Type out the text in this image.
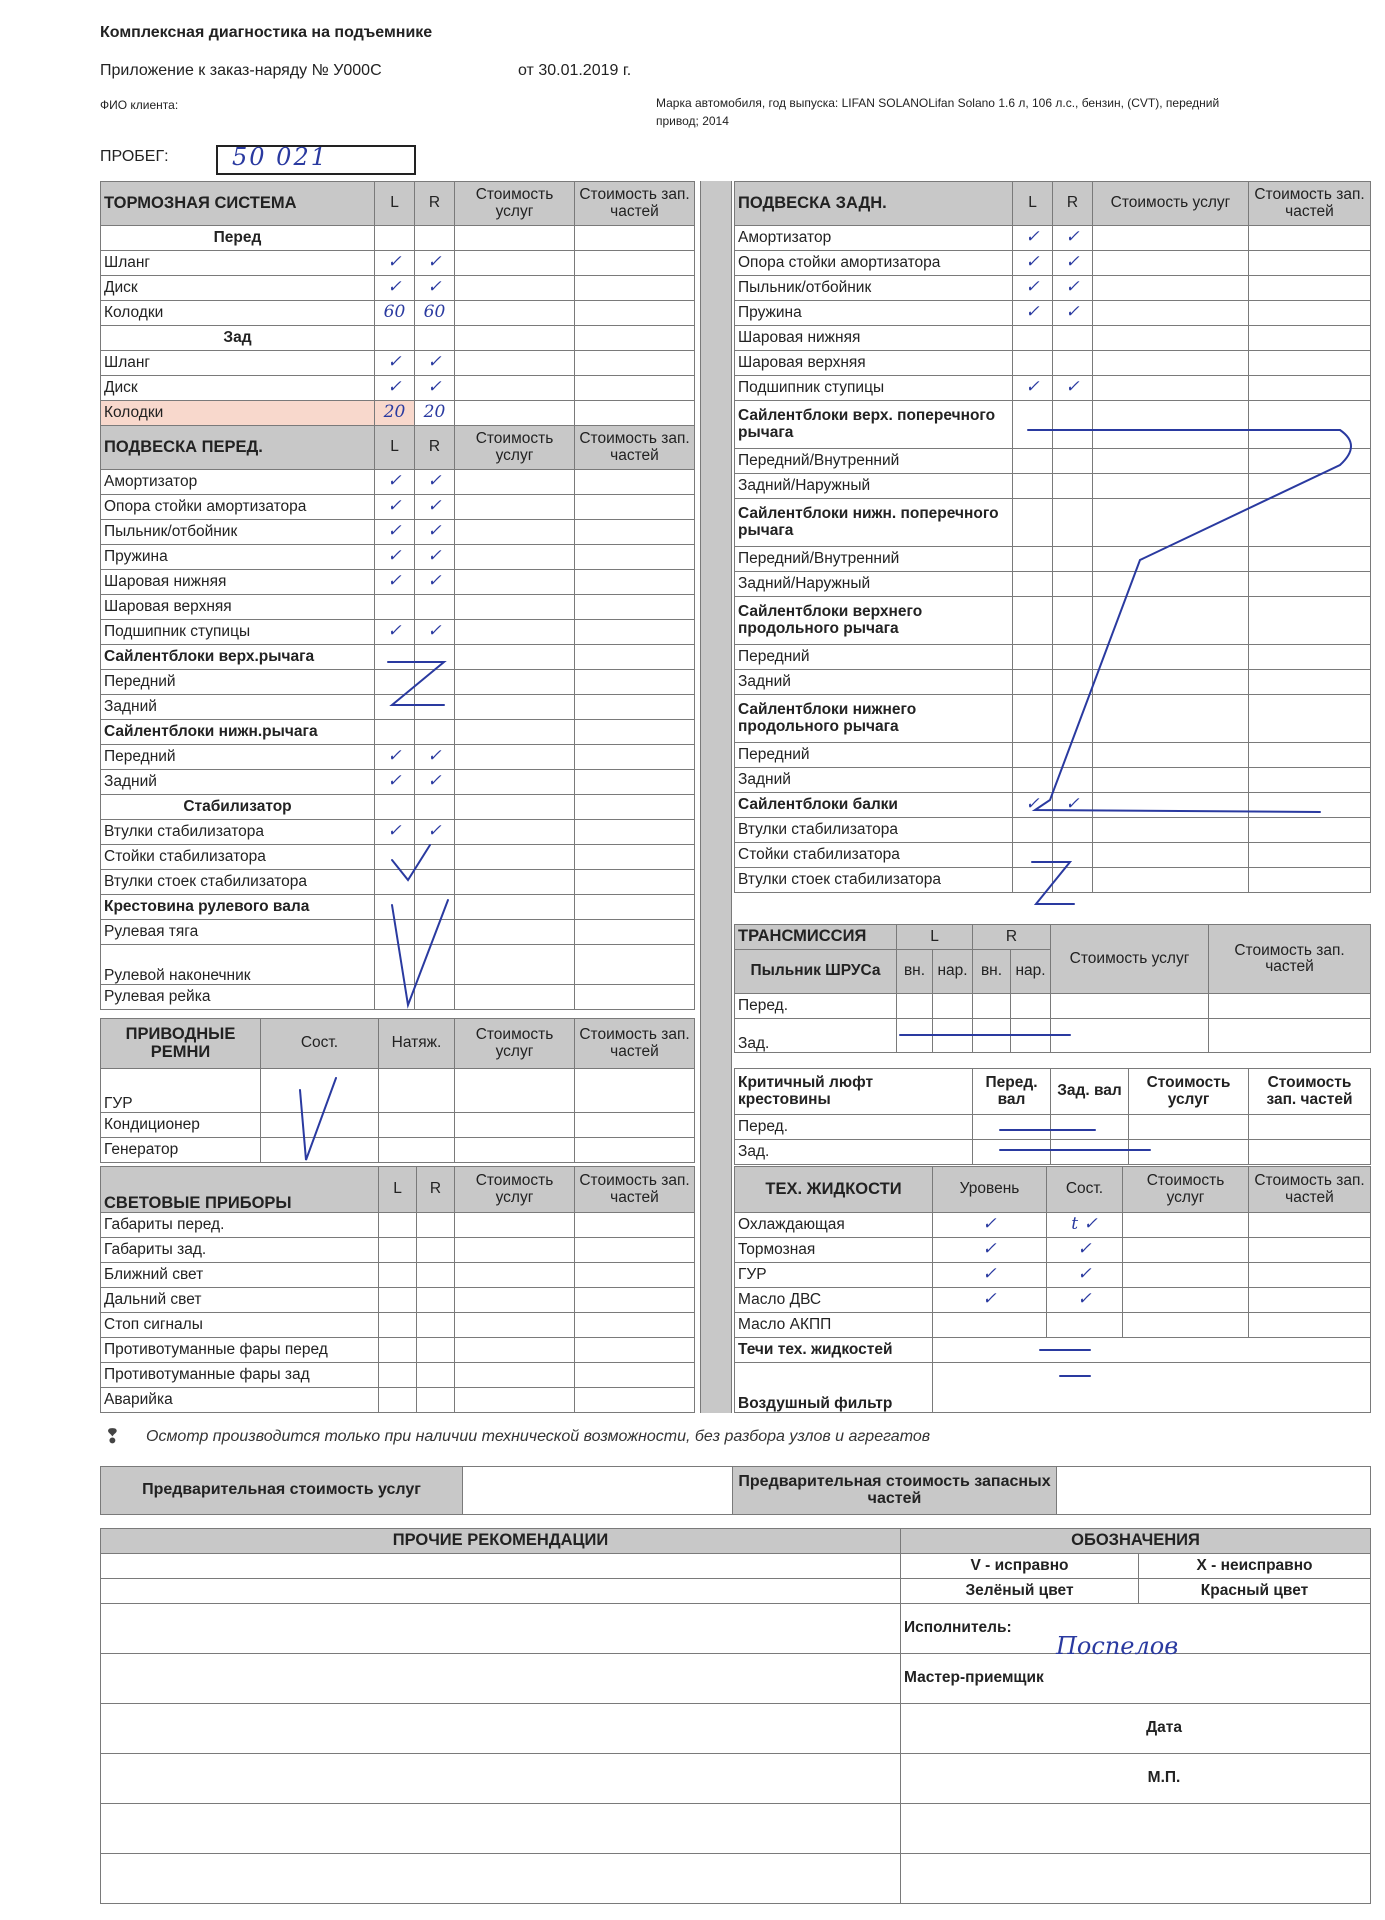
Комплексная диагностика на подъемнике
Приложение к заказ-наряду № У000С	от 30.01.2019 г.
ФИО клиента:	Марка автомобиля, год выпуска: LIFAN SOLANOLifan Solano 1.6 л, 106 л.с., бензин, (CVT), передний
привод; 2014
ПРОБЕГ:	50 021
ТОРМОЗНАЯ СИСТЕМА	L	R	Стоимость услуг	Стоимость зап. частей
Перед				
Шланг	✓	✓		
Диск	✓	✓		
Колодки	60	60		
Зад				
Шланг	✓	✓		
Диск	✓	✓		
Колодки	20	20		
ПОДВЕСКА ПЕРЕД.	L	R	Стоимость услуг	Стоимость зап. частей
Амортизатор	✓	✓		
Опора стойки амортизатора	✓	✓		
Пыльник/отбойник	✓	✓		
Пружина	✓	✓		
Шаровая нижняя	✓	✓		
Шаровая верхняя				
Подшипник ступицы	✓	✓		
Сайлентблоки верх.рычага				
Передний				
Задний				
Сайлентблоки нижн.рычага				
Передний	✓	✓		
Задний	✓	✓		
Стабилизатор				
Втулки стабилизатора	✓	✓		
Стойки стабилизатора				
Втулки стоек стабилизатора				
Крестовина рулевого вала				
Рулевая тяга				
Рулевой наконечник				
Рулевая рейка				
ПРИВОДНЫЕ РЕМНИ	Сост.	Натяж.	Стоимость услуг	Стоимость зап. частей
ГУР				
Кондиционер				
Генератор				
СВЕТОВЫЕ ПРИБОРЫ	L	R	Стоимость услуг	Стоимость зап. частей
Габариты перед.				
Габариты зад.				
Ближний свет				
Дальний свет				
Стоп сигналы				
Противотуманные фары перед				
Противотуманные фары зад				
Аварийка				
ПОДВЕСКА ЗАДН.	L	R	Стоимость услуг	Стоимость зап. частей
Амортизатор	✓	✓		
Опора стойки амортизатора	✓	✓		
Пыльник/отбойник	✓	✓		
Пружина	✓	✓		
Шаровая нижняя				
Шаровая верхняя				
Подшипник ступицы	✓	✓		
Сайлентблоки верх. поперечного рычага				
Передний/Внутренний				
Задний/Наружный				
Сайлентблоки нижн. поперечного рычага				
Передний/Внутренний				
Задний/Наружный				
Сайлентблоки верхнего продольного рычага				
Передний				
Задний				
Сайлентблоки нижнего продольного рычага				
Передний				
Задний				
Сайлентблоки балки	✓	✓		
Втулки стабилизатора				
Стойки стабилизатора				
Втулки стоек стабилизатора				
ТРАНСМИССИЯ	L		R		Стоимость услуг	Стоимость зап. частей
Пыльник ШРУСа	вн.	нар.	вн.	нар.		
Перед.						
Зад.						
Критичный люфт крестовины	Перед. вал	Зад. вал	Стоимость услуг	Стоимость зап. частей
Перед.				
Зад.				
ТЕХ. ЖИДКОСТИ	Уровень	Сост.	Стоимость услуг	Стоимость зап. частей
Охлаждающая	✓	t ✓		
Тормозная	✓	✓		
ГУР	✓	✓		
Масло ДВС	✓	✓		
Масло АКПП				
Течи тех. жидкостей				
Воздушный фильтр				
❢ Осмотр производится только при наличии технической возможности, без разбора узлов и агрегатов
Предварительная стоимость услуг		Предварительная стоимость запасных частей	
ПРОЧИЕ РЕКОМЕНДАЦИИ	ОБОЗНАЧЕНИЯ	
	V - исправно	X - неисправно
	Зелёный цвет	Красный цвет
	Исполнитель:	
	Мастер-приемщик	
	Дата	
	М.П.	

Поспелов
